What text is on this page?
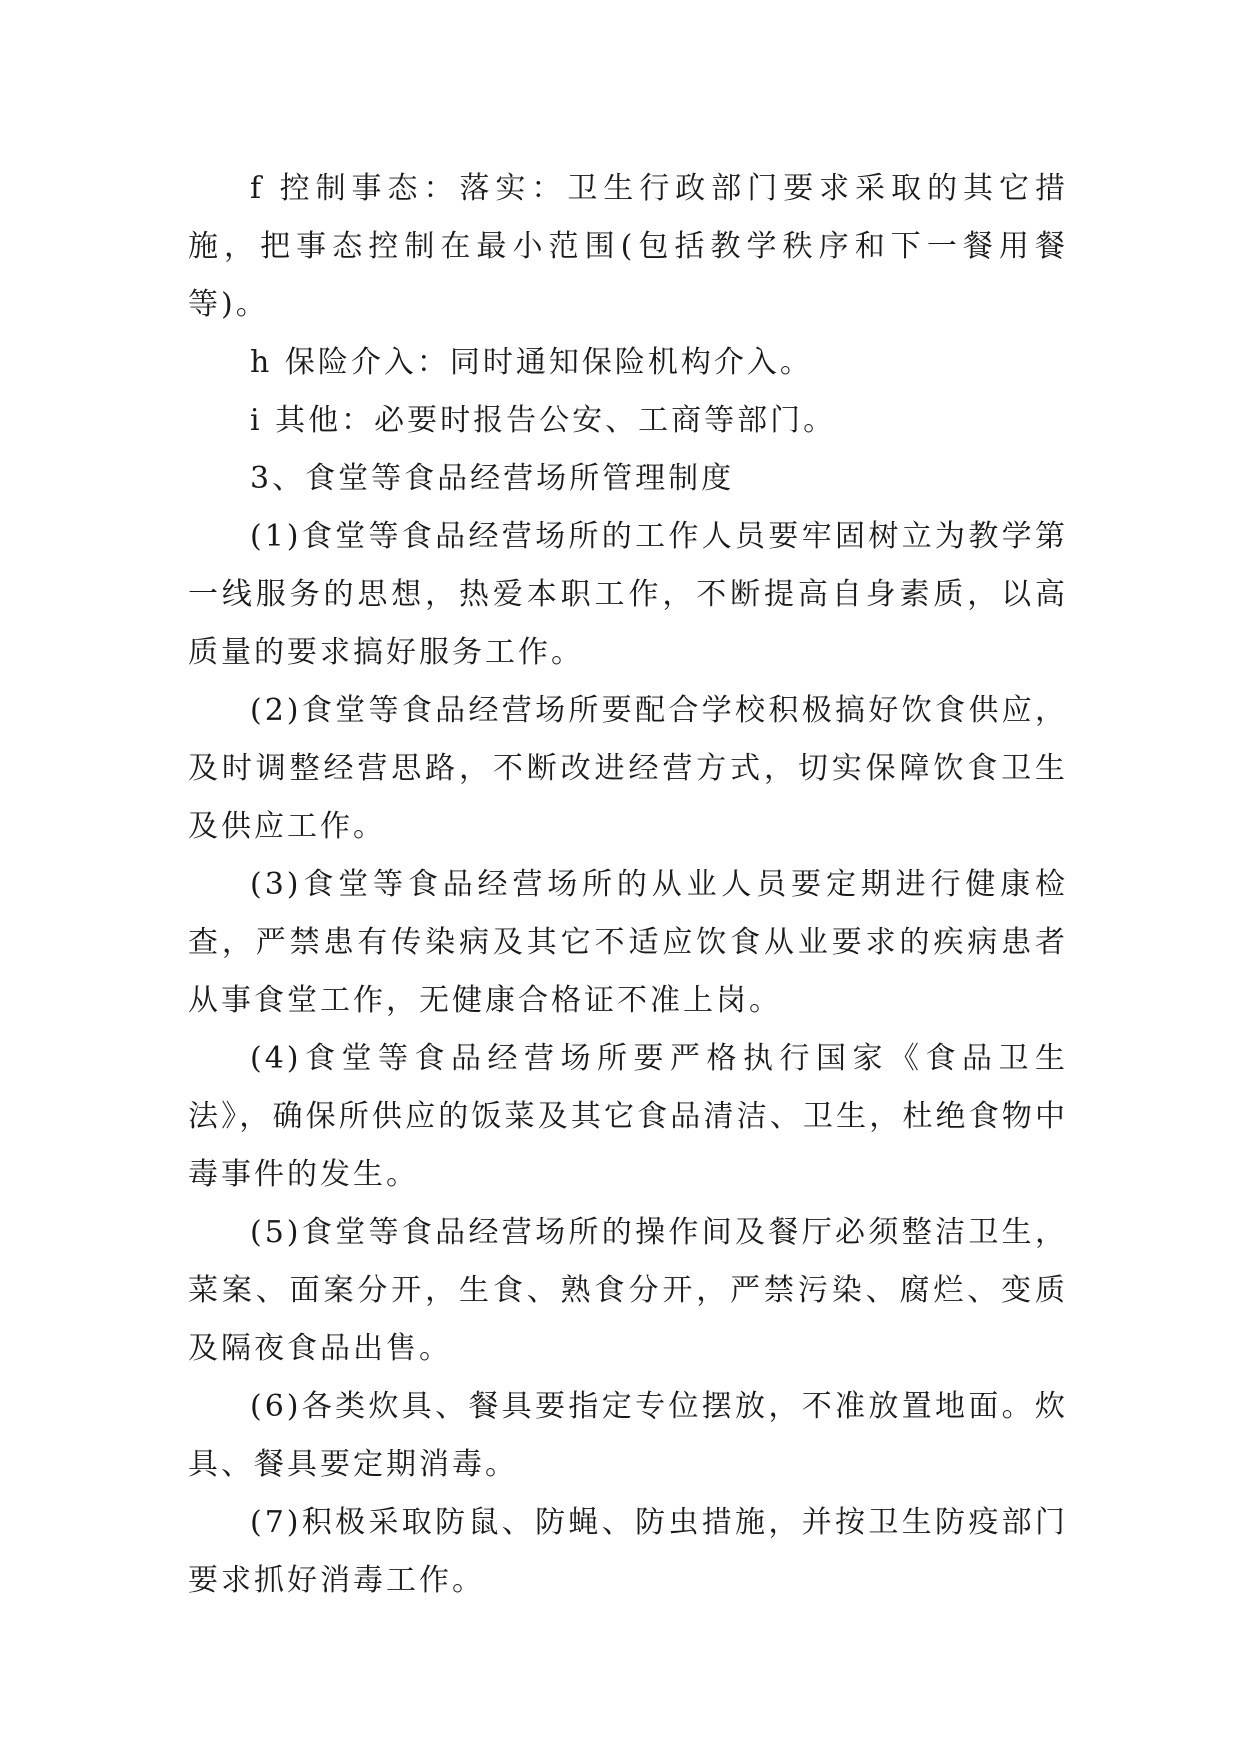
f 控制事态：落实：卫生行政部门要求采取的其它措施，把事态控制在最小范围(包括教学秩序和下一餐用餐等)。

h 保险介入：同时通知保险机构介入。

i 其他：必要时报告公安、工商等部门。

3、食堂等食品经营场所管理制度

(1)食堂等食品经营场所的工作人员要牢固树立为教学第一线服务的思想，热爱本职工作，不断提高自身素质，以高质量的要求搞好服务工作。

(2)食堂等食品经营场所要配合学校积极搞好饮食供应，及时调整经营思路，不断改进经营方式，切实保障饮食卫生及供应工作。

(3)食堂等食品经营场所的从业人员要定期进行健康检查，严禁患有传染病及其它不适应饮食从业要求的疾病患者从事食堂工作，无健康合格证不准上岗。

(4)食堂等食品经营场所要严格执行国家《食品卫生法》，确保所供应的饭菜及其它食品清洁、卫生，杜绝食物中毒事件的发生。

(5)食堂等食品经营场所的操作间及餐厅必须整洁卫生，菜案、面案分开，生食、熟食分开，严禁污染、腐烂、变质及隔夜食品出售。

(6)各类炊具、餐具要指定专位摆放，不准放置地面。炊具、餐具要定期消毒。

(7)积极采取防鼠、防蝇、防虫措施，并按卫生防疫部门要求抓好消毒工作。
